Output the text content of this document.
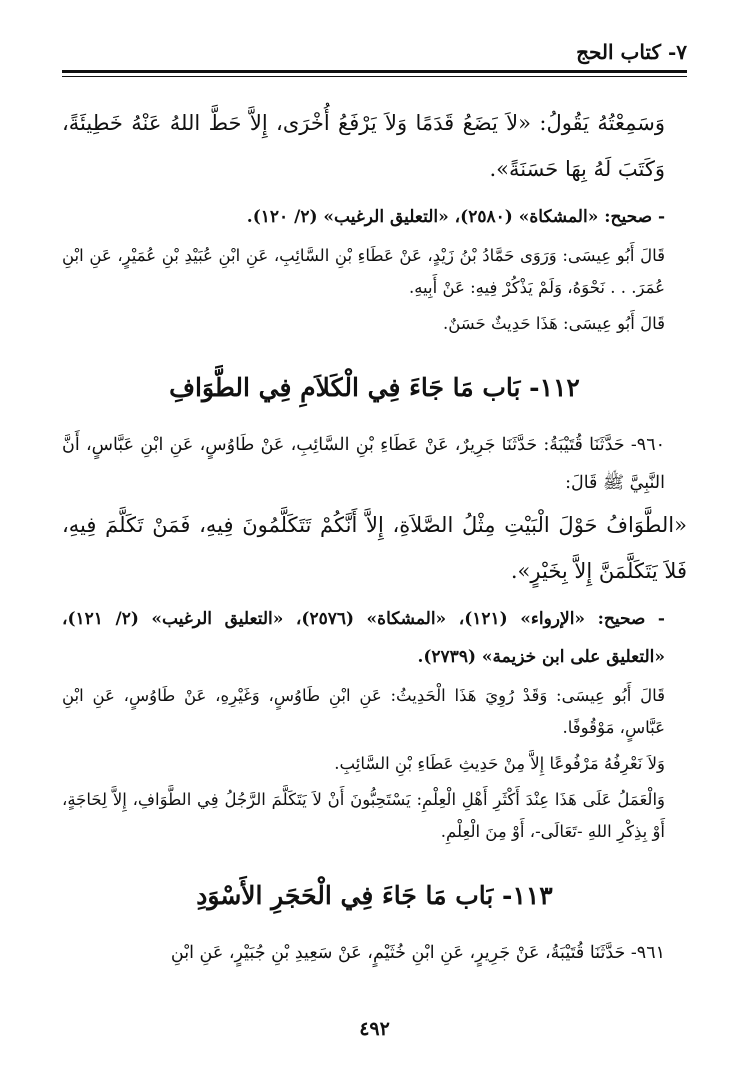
٧- كتاب الحج

وَسَمِعْتُهُ يَقُولُ: «لاَ يَضَعُ قَدَمًا وَلاَ يَرْفَعُ أُخْرَى، إِلاَّ حَطَّ اللهُ عَنْهُ خَطِيئَةً، وَكَتَبَ لَهُ بِهَا حَسَنَةً».

- صحيح: «المشكاة» (٢٥٨٠)، «التعليق الرغيب» (٢/ ١٢٠).

قَالَ أَبُو عِيسَى: وَرَوَى حَمَّادُ بْنُ زَيْدٍ، عَنْ عَطَاءِ بْنِ السَّائِبِ، عَنِ ابْنِ عُبَيْدِ بْنِ عُمَيْرٍ، عَنِ ابْنِ عُمَرَ. . . نَحْوَهُ، وَلَمْ يَذْكُرْ فِيهِ: عَنْ أَبِيهِ.

قَالَ أَبُو عِيسَى: هَذَا حَدِيثٌ حَسَنٌ.

١١٢- بَاب مَا جَاءَ فِي الْكَلاَمِ فِي الطَّوَافِ

٩٦٠- حَدَّثَنَا قُتَيْبَةُ: حَدَّثَنَا جَرِيرٌ، عَنْ عَطَاءِ بْنِ السَّائِبِ، عَنْ طَاوُسٍ، عَنِ ابْنِ عَبَّاسٍ، أَنَّ النَّبِيَّ ﷺ قَالَ:

«الطَّوَافُ حَوْلَ الْبَيْتِ مِثْلُ الصَّلاَةِ، إِلاَّ أَنَّكُمْ تَتَكَلَّمُونَ فِيهِ، فَمَنْ تَكَلَّمَ فِيهِ، فَلاَ يَتَكَلَّمَنَّ إِلاَّ بِخَيْرٍ».

- صحيح: «الإرواء» (١٢١)، «المشكاة» (٢٥٧٦)، «التعليق الرغيب» (٢/ ١٢١)، «التعليق على ابن خزيمة» (٢٧٣٩).

قَالَ أَبُو عِيسَى: وَقَدْ رُوِيَ هَذَا الْحَدِيثُ: عَنِ ابْنِ طَاوُسٍ، وَغَيْرِهِ، عَنْ طَاوُسٍ، عَنِ ابْنِ عَبَّاسٍ، مَوْقُوفًا.

وَلاَ نَعْرِفُهُ مَرْفُوعًا إِلاَّ مِنْ حَدِيثِ عَطَاءِ بْنِ السَّائِبِ.

وَالْعَمَلُ عَلَى هَذَا عِنْدَ أَكْثَرِ أَهْلِ الْعِلْمِ: يَسْتَحِبُّونَ أَنْ لاَ يَتَكَلَّمَ الرَّجُلُ فِي الطَّوَافِ، إِلاَّ لِحَاجَةٍ، أَوْ بِذِكْرِ اللهِ -تَعَالَى-، أَوْ مِنَ الْعِلْمِ.

١١٣- بَاب مَا جَاءَ فِي الْحَجَرِ الأَسْوَدِ

٩٦١- حَدَّثَنَا قُتَيْبَةُ، عَنْ جَرِيرٍ، عَنِ ابْنِ خُثَيْمٍ، عَنْ سَعِيدِ بْنِ جُبَيْرٍ، عَنِ ابْنِ

٤٩٢
